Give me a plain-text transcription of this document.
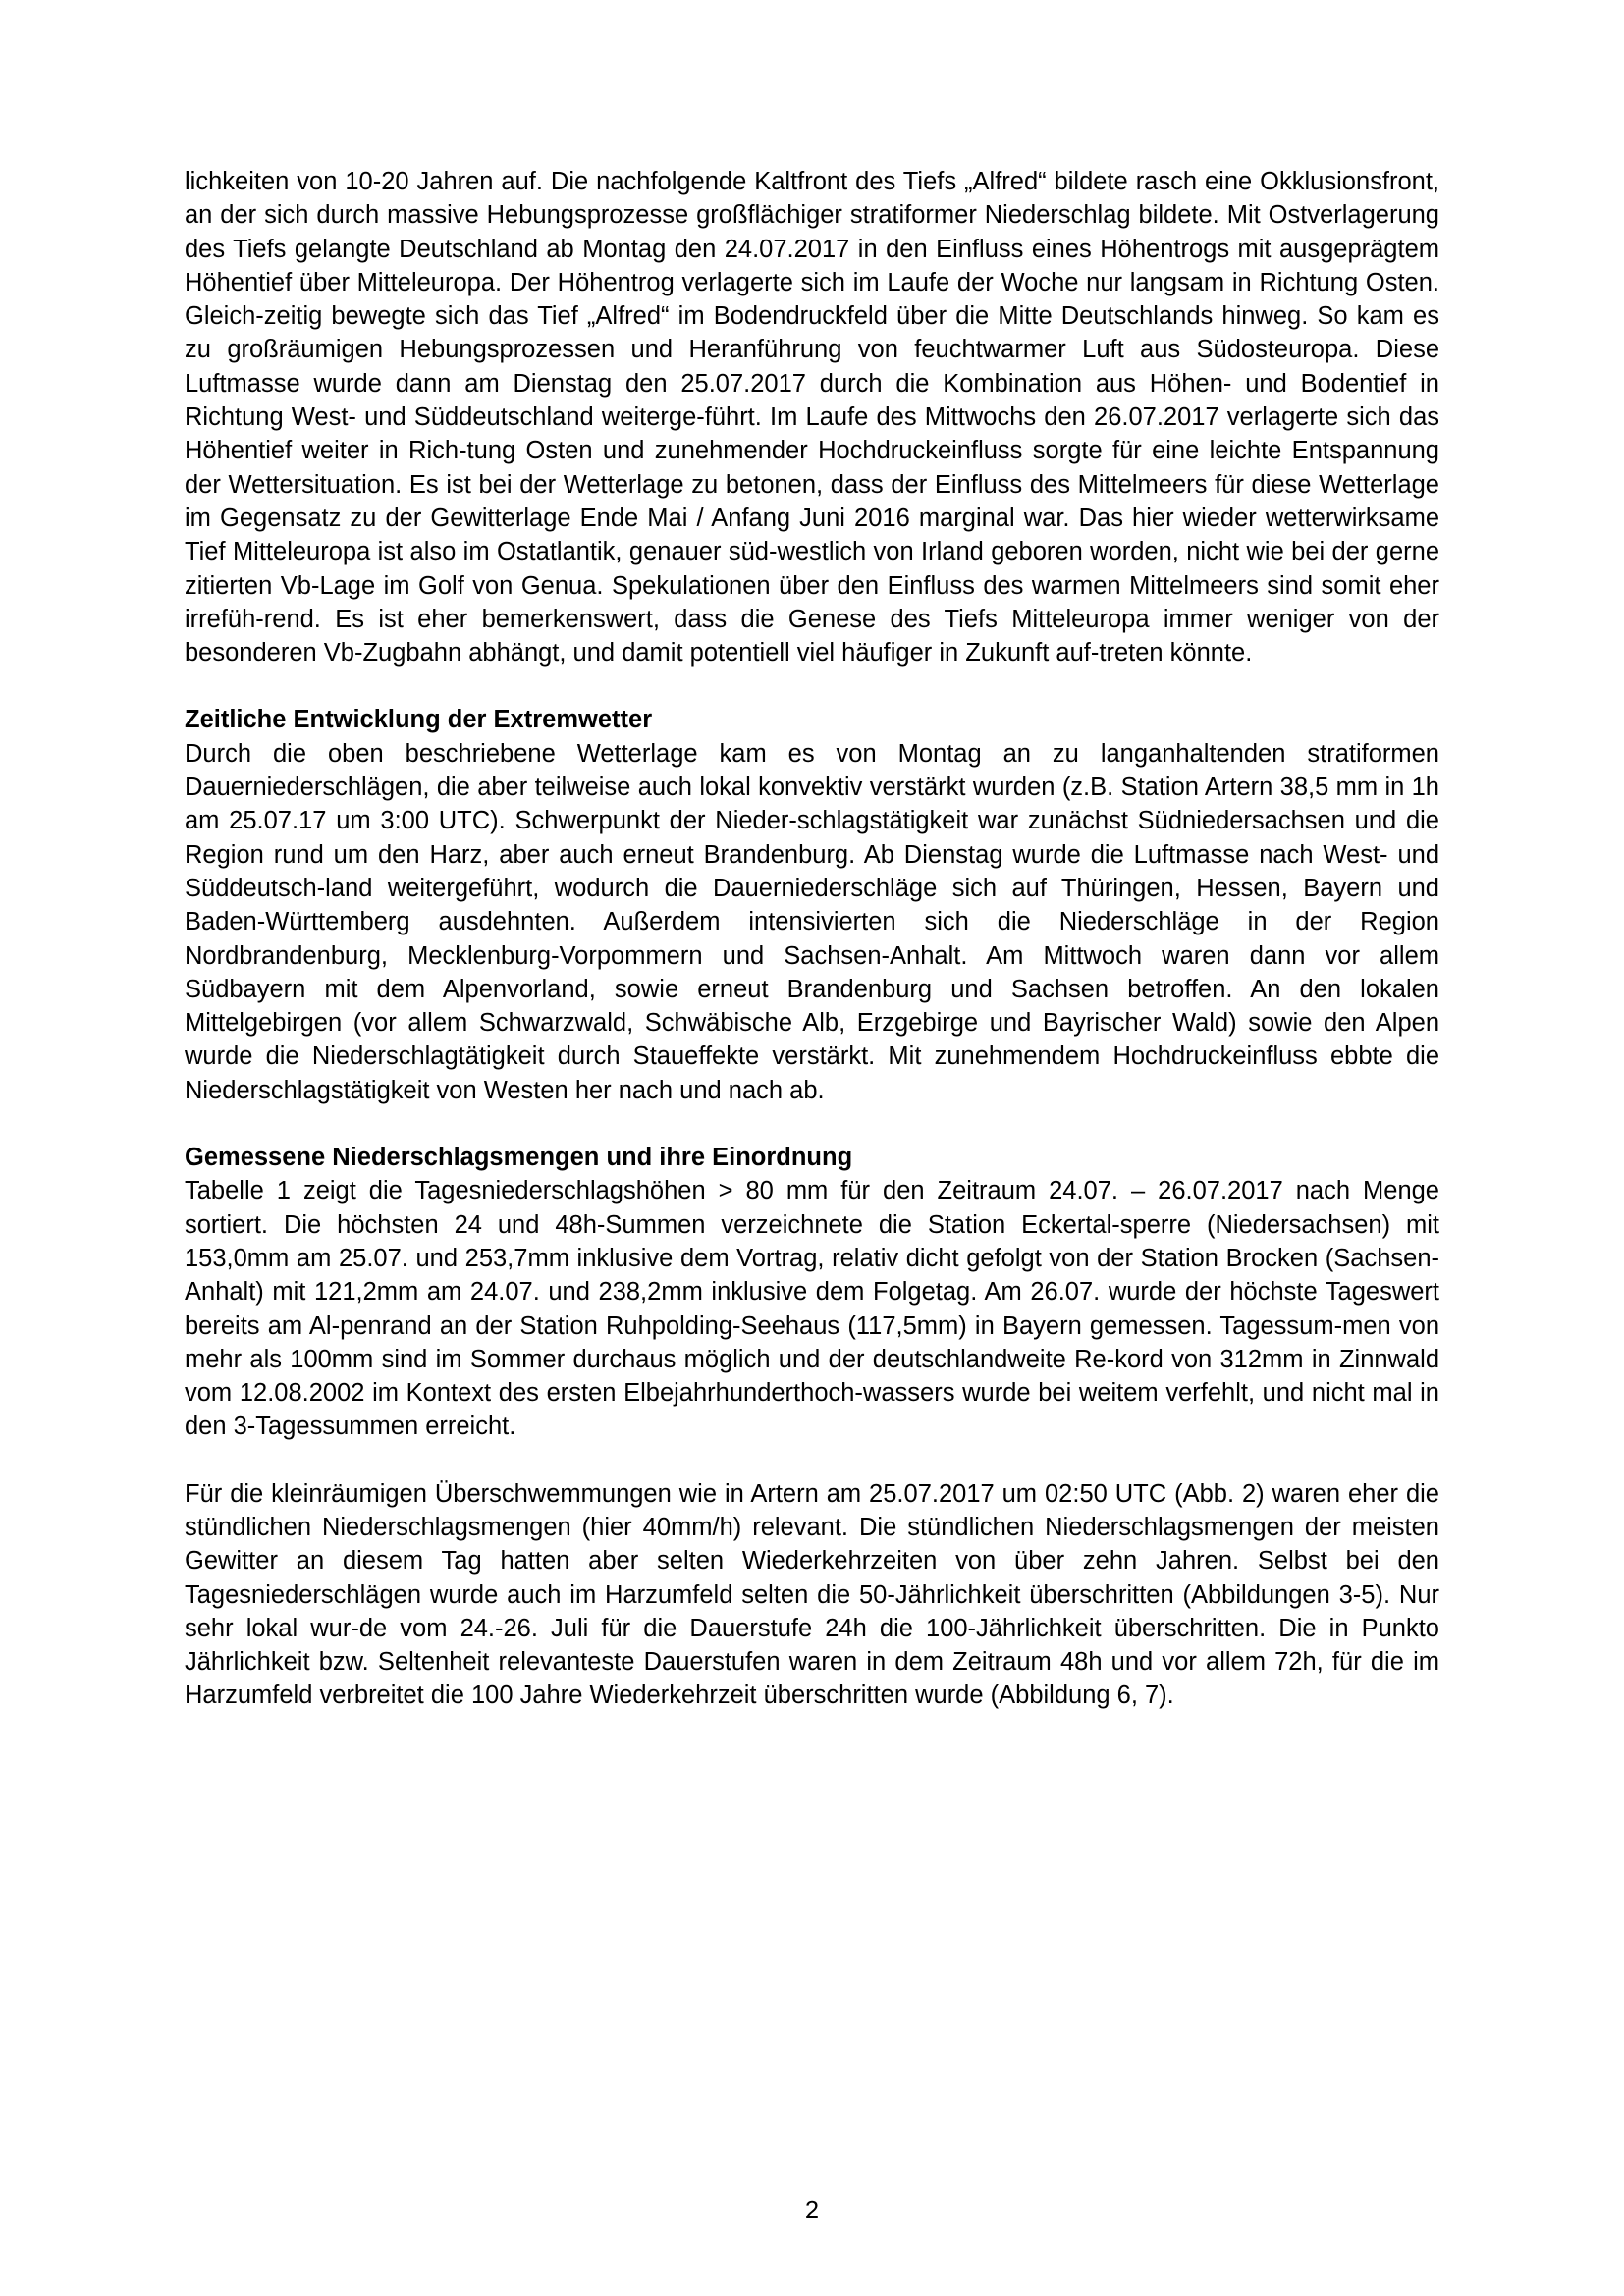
lichkeiten von 10-20 Jahren auf. Die nachfolgende Kaltfront des Tiefs „Alfred“ bildete rasch eine Okklusionsfront, an der sich durch massive Hebungsprozesse großflächiger stratiformer Niederschlag bildete. Mit Ostverlagerung des Tiefs gelangte Deutschland ab Montag den 24.07.2017 in den Einfluss eines Höhentrogs mit ausgeprägtem Höhentief über Mitteleuropa. Der Höhentrog verlagerte sich im Laufe der Woche nur langsam in Richtung Osten. Gleich-zeitig bewegte sich das Tief „Alfred“ im Bodendruckfeld über die Mitte Deutschlands hinweg. So kam es zu großräumigen Hebungsprozessen und Heranführung von feuchtwarmer Luft aus Südosteuropa. Diese Luftmasse wurde dann am Dienstag den 25.07.2017 durch die Kombination aus Höhen- und Bodentief in Richtung West- und Süddeutschland weiterge-führt. Im Laufe des Mittwochs den 26.07.2017 verlagerte sich das Höhentief weiter in Rich-tung Osten und zunehmender Hochdruckeinfluss sorgte für eine leichte Entspannung der Wettersituation. Es ist bei der Wetterlage zu betonen, dass der Einfluss des Mittelmeers für diese Wetterlage im Gegensatz zu der Gewitterlage Ende Mai / Anfang Juni 2016 marginal war. Das hier wieder wetterwirksame Tief Mitteleuropa ist also im Ostatlantik, genauer süd-westlich von Irland geboren worden, nicht wie bei der gerne zitierten Vb-Lage im Golf von Genua. Spekulationen über den Einfluss des warmen Mittelmeers sind somit eher irrefüh-rend. Es ist eher bemerkenswert, dass die Genese des Tiefs Mitteleuropa immer weniger von der besonderen Vb-Zugbahn abhängt, und damit potentiell viel häufiger in Zukunft auf-treten könnte.

Zeitliche Entwicklung der Extremwetter

Durch die oben beschriebene Wetterlage kam es von Montag an zu langanhaltenden stratiformen Dauerniederschlägen, die aber teilweise auch lokal konvektiv verstärkt wurden (z.B. Station Artern 38,5 mm in 1h am 25.07.17 um 3:00 UTC). Schwerpunkt der Nieder-schlagstätigkeit war zunächst Südniedersachsen und die Region rund um den Harz, aber auch erneut Brandenburg. Ab Dienstag wurde die Luftmasse nach West- und Süddeutsch-land weitergeführt, wodurch die Dauerniederschläge sich auf Thüringen, Hessen, Bayern und Baden-Württemberg ausdehnten. Außerdem intensivierten sich die Niederschläge in der Region Nordbrandenburg, Mecklenburg-Vorpommern und Sachsen-Anhalt. Am Mittwoch waren dann vor allem Südbayern mit dem Alpenvorland, sowie erneut Brandenburg und Sachsen betroffen. An den lokalen Mittelgebirgen (vor allem Schwarzwald, Schwäbische Alb, Erzgebirge und Bayrischer Wald) sowie den Alpen wurde die Niederschlagtätigkeit durch Staueffekte verstärkt. Mit zunehmendem Hochdruckeinfluss ebbte die Niederschlagstätigkeit von Westen her nach und nach ab.

Gemessene Niederschlagsmengen und ihre Einordnung

Tabelle 1 zeigt die Tagesniederschlagshöhen > 80 mm für den Zeitraum 24.07. – 26.07.2017 nach Menge sortiert. Die höchsten 24 und 48h-Summen verzeichnete die Station Eckertal-sperre (Niedersachsen) mit 153,0mm am 25.07. und 253,7mm inklusive dem Vortrag, relativ dicht gefolgt von der Station Brocken (Sachsen-Anhalt) mit 121,2mm am 24.07. und 238,2mm inklusive dem Folgetag. Am 26.07. wurde der höchste Tageswert bereits am Al-penrand an der Station Ruhpolding-Seehaus (117,5mm) in Bayern gemessen. Tagessum-men von mehr als 100mm sind im Sommer durchaus möglich und der deutschlandweite Re-kord von 312mm in Zinnwald vom 12.08.2002 im Kontext des ersten Elbejahrhunderthoch-wassers wurde bei weitem verfehlt, und nicht mal in den 3-Tagessummen erreicht.

Für die kleinräumigen Überschwemmungen wie in Artern am 25.07.2017 um 02:50 UTC (Abb. 2) waren eher die stündlichen Niederschlagsmengen (hier 40mm/h) relevant. Die stündlichen Niederschlagsmengen der meisten Gewitter an diesem Tag hatten aber selten Wiederkehrzeiten von über zehn Jahren. Selbst bei den Tagesniederschlägen wurde auch im Harzumfeld selten die 50-Jährlichkeit überschritten (Abbildungen 3-5). Nur sehr lokal wur-de vom 24.-26. Juli für die Dauerstufe 24h die 100-Jährlichkeit überschritten. Die in Punkto Jährlichkeit bzw. Seltenheit relevanteste Dauerstufen waren in dem Zeitraum 48h und vor allem 72h, für die im Harzumfeld verbreitet die 100 Jahre Wiederkehrzeit überschritten wurde (Abbildung 6, 7).

2
